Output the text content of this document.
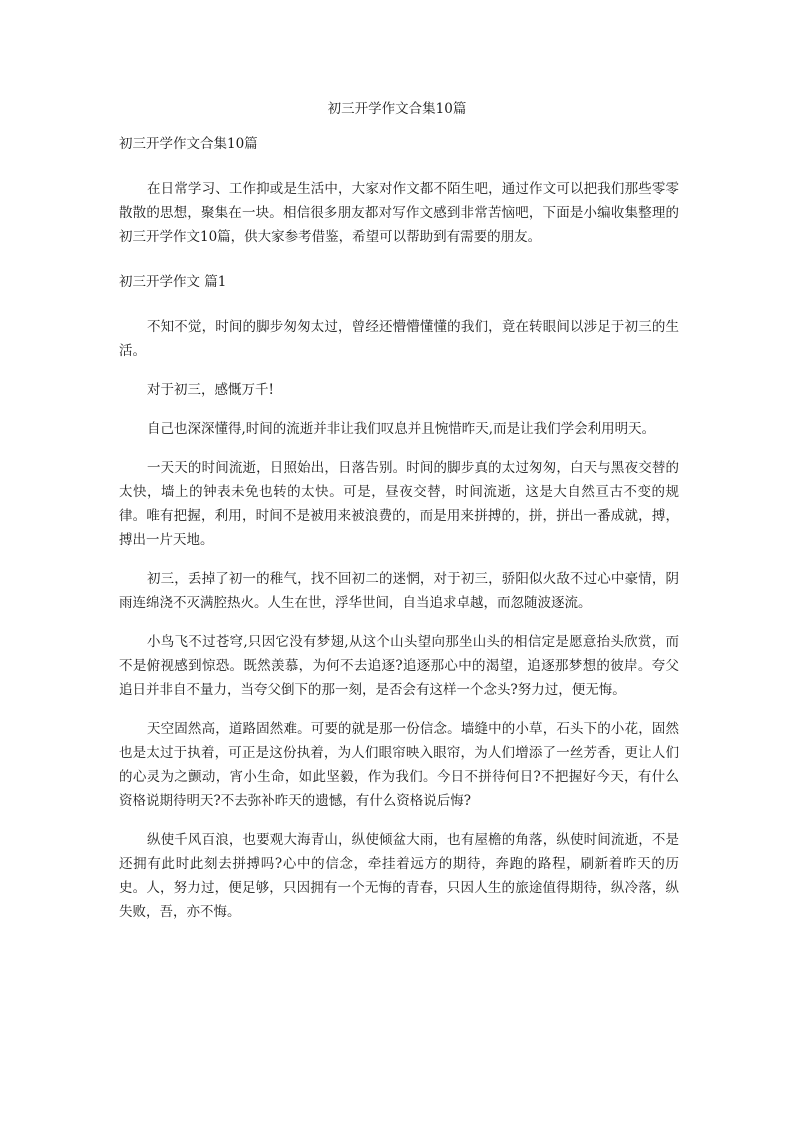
初三开学作文合集10篇

初三开学作文合集10篇

在日常学习、工作抑或是生活中，大家对作文都不陌生吧，通过作文可以把我们那些零零散散的思想，聚集在一块。相信很多朋友都对写作文感到非常苦恼吧，下面是小编收集整理的初三开学作文10篇，供大家参考借鉴，希望可以帮助到有需要的朋友。

初三开学作文 篇1

不知不觉，时间的脚步匆匆太过，曾经还懵懵懂懂的我们，竟在转眼间以涉足于初三的生活。

对于初三，感慨万千!

自己也深深懂得,时间的流逝并非让我们叹息并且惋惜昨天,而是让我们学会利用明天。

一天天的时间流逝，日照始出，日落告别。时间的脚步真的太过匆匆，白天与黑夜交替的太快，墙上的钟表未免也转的太快。可是，昼夜交替，时间流逝，这是大自然亘古不变的规律。唯有把握，利用，时间不是被用来被浪费的，而是用来拼搏的，拼，拼出一番成就，搏，搏出一片天地。

初三，丢掉了初一的稚气，找不回初二的迷惘，对于初三，骄阳似火敌不过心中豪情，阴雨连绵浇不灭满腔热火。人生在世，浮华世间，自当追求卓越，而忽随波逐流。

小鸟飞不过苍穹,只因它没有梦翅,从这个山头望向那坐山头的相信定是愿意抬头欣赏，而不是俯视感到惊恐。既然羡慕，为何不去追逐?追逐那心中的渴望，追逐那梦想的彼岸。夸父追日并非自不量力，当夸父倒下的那一刻，是否会有这样一个念头?努力过，便无悔。

天空固然高，道路固然难。可要的就是那一份信念。墙缝中的小草，石头下的小花，固然也是太过于执着，可正是这份执着，为人们眼帘映入眼帘，为人们增添了一丝芳香，更让人们的心灵为之颤动，宵小生命，如此坚毅，作为我们。今日不拼待何日?不把握好今天，有什么资格说期待明天?不去弥补昨天的遗憾，有什么资格说后悔?

纵使千风百浪，也要观大海青山，纵使倾盆大雨，也有屋檐的角落，纵使时间流逝，不是还拥有此时此刻去拼搏吗?心中的信念，牵挂着远方的期待，奔跑的路程，刷新着昨天的历史。人，努力过，便足够，只因拥有一个无悔的青春，只因人生的旅途值得期待，纵冷落，纵失败，吾，亦不悔。
